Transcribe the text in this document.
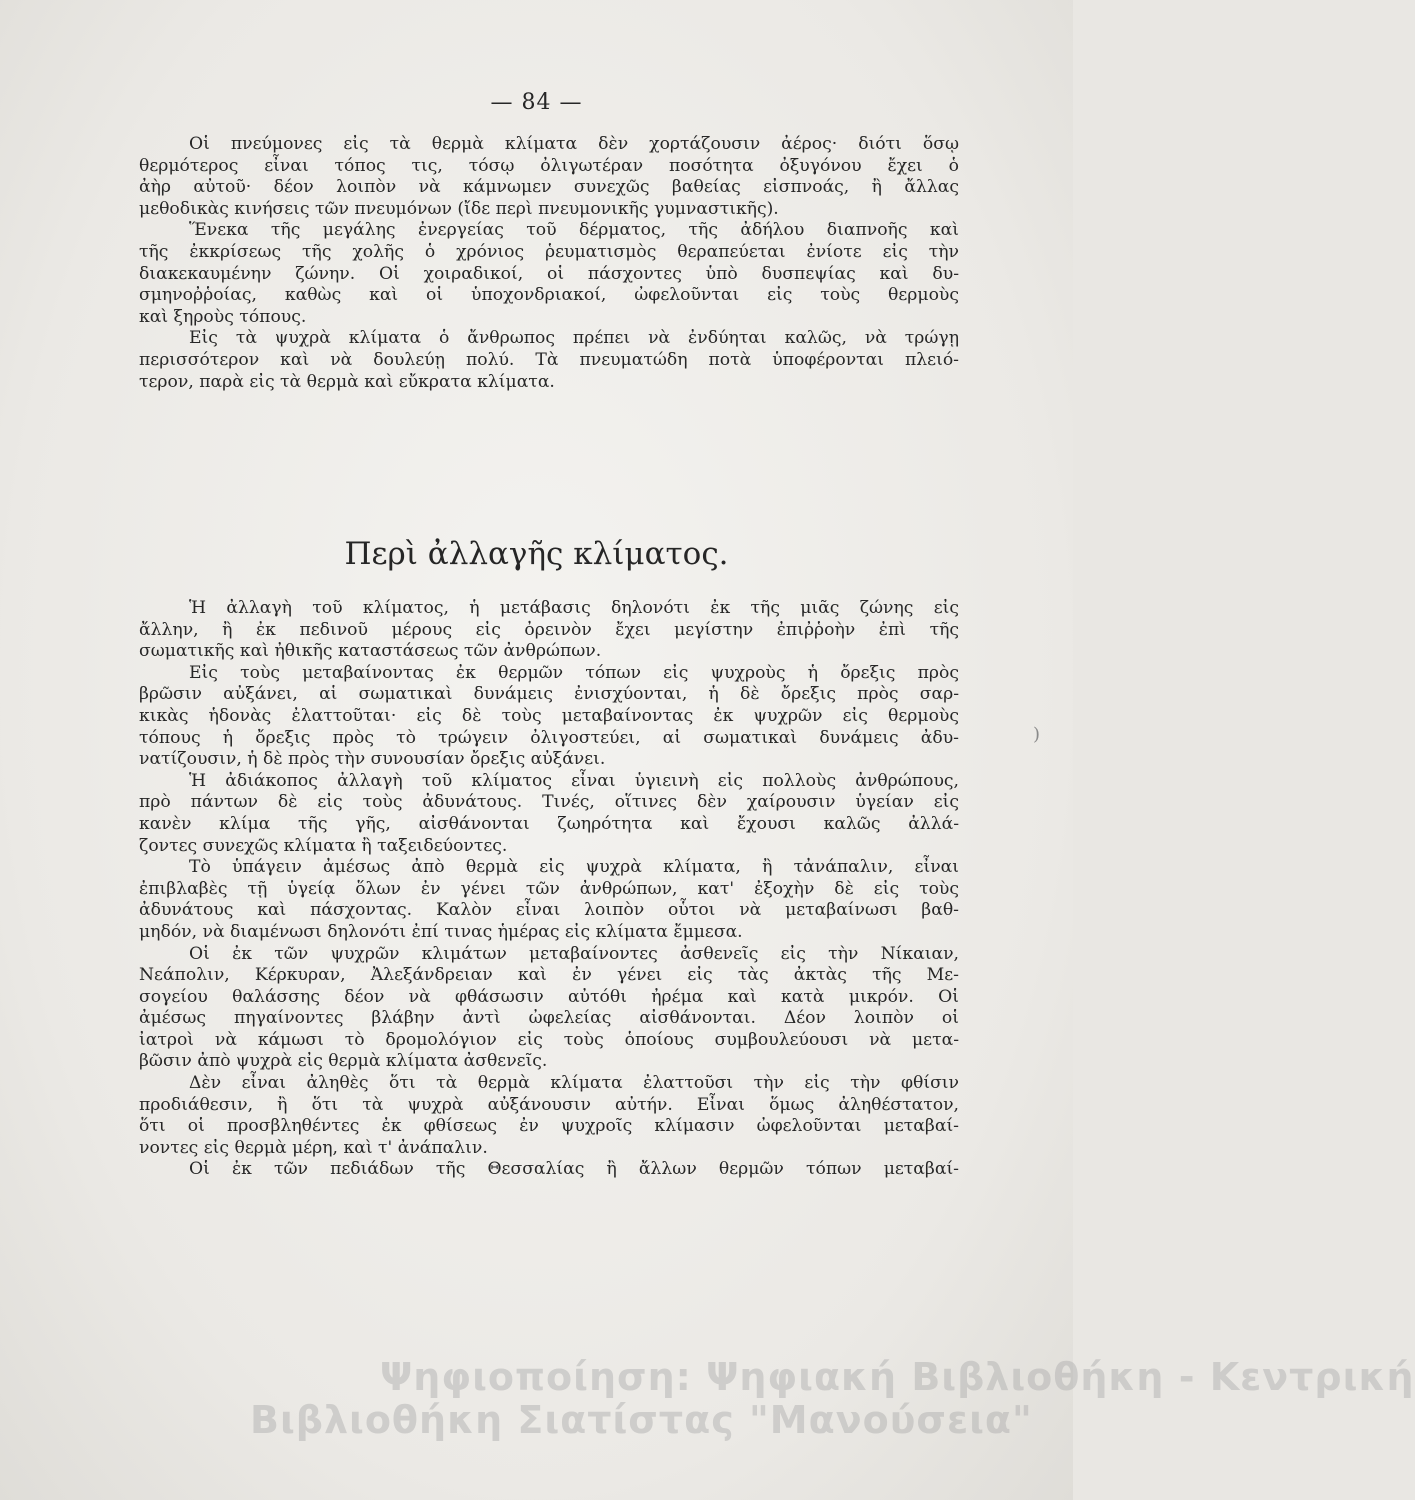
— 84 —
Οἱ πνεύμονες εἰς τὰ θερμὰ κλίματα δὲν χορτάζουσιν ἀέρος· διότι ὅσῳ
θερμότερος εἶναι τόπος τις, τόσῳ ὀλιγωτέραν ποσότητα ὀξυγόνου ἔχει ὁ
ἀὴρ αὐτοῦ· δέον λοιπὸν νὰ κάμνωμεν συνεχῶς βαθείας εἰσπνοάς, ἢ ἄλλας
μεθοδικὰς κινήσεις τῶν πνευμόνων (ἴδε περὶ πνευμονικῆς γυμναστικῆς).
Ἕνεκα τῆς μεγάλης ἐνεργείας τοῦ δέρματος, τῆς ἀδήλου διαπνοῆς καὶ
τῆς ἐκκρίσεως τῆς χολῆς ὁ χρόνιος ῥευματισμὸς θεραπεύεται ἐνίοτε εἰς τὴν
διακεκαυμένην ζώνην. Οἱ χοιραδικοί, οἱ πάσχοντες ὑπὸ δυσπεψίας καὶ δυ-
σμηνοῤῥοίας, καθὼς καὶ οἱ ὑποχονδριακοί, ὠφελοῦνται εἰς τοὺς θερμοὺς
καὶ ξηροὺς τόπους.
Εἰς τὰ ψυχρὰ κλίματα ὁ ἄνθρωπος πρέπει νὰ ἐνδύηται καλῶς, νὰ τρώγῃ
περισσότερον καὶ νὰ δουλεύῃ πολύ. Τὰ πνευματώδη ποτὰ ὑποφέρονται πλειό-
τερον, παρὰ εἰς τὰ θερμὰ καὶ εὔκρατα κλίματα.
Περὶ ἀλλαγῆς κλίματος.
Ἡ ἀλλαγὴ τοῦ κλίματος, ἡ μετάβασις δηλονότι ἐκ τῆς μιᾶς ζώνης εἰς
ἄλλην, ἢ ἐκ πεδινοῦ μέρους εἰς ὀρεινὸν ἔχει μεγίστην ἐπιῤῥοὴν ἐπὶ τῆς
σωματικῆς καὶ ἠθικῆς καταστάσεως τῶν ἀνθρώπων.
Εἰς τοὺς μεταβαίνοντας ἐκ θερμῶν τόπων εἰς ψυχροὺς ἡ ὄρεξις πρὸς
βρῶσιν αὐξάνει, αἱ σωματικαὶ δυνάμεις ἐνισχύονται, ἡ δὲ ὄρεξις πρὸς σαρ-
κικὰς ἡδονὰς ἐλαττοῦται· εἰς δὲ τοὺς μεταβαίνοντας ἐκ ψυχρῶν εἰς θερμοὺς
τόπους ἡ ὄρεξις πρὸς τὸ τρώγειν ὀλιγοστεύει, αἱ σωματικαὶ δυνάμεις ἀδυ-
νατίζουσιν, ἡ δὲ πρὸς τὴν συνουσίαν ὄρεξις αὐξάνει.
Ἡ ἀδιάκοπος ἀλλαγὴ τοῦ κλίματος εἶναι ὑγιεινὴ εἰς πολλοὺς ἀνθρώπους,
πρὸ πάντων δὲ εἰς τοὺς ἀδυνάτους. Τινές, οἵτινες δὲν χαίρουσιν ὑγείαν εἰς
κανὲν κλίμα τῆς γῆς, αἰσθάνονται ζωηρότητα καὶ ἔχουσι καλῶς ἀλλά-
ζοντες συνεχῶς κλίματα ἢ ταξειδεύοντες.
Τὸ ὑπάγειν ἀμέσως ἀπὸ θερμὰ εἰς ψυχρὰ κλίματα, ἢ τἀνάπαλιν, εἶναι
ἐπιβλαβὲς τῇ ὑγείᾳ ὅλων ἐν γένει τῶν ἀνθρώπων, κατ' ἐξοχὴν δὲ εἰς τοὺς
ἀδυνάτους καὶ πάσχοντας. Καλὸν εἶναι λοιπὸν οὗτοι νὰ μεταβαίνωσι βαθ-
μηδόν, νὰ διαμένωσι δηλονότι ἐπί τινας ἡμέρας εἰς κλίματα ἔμμεσα.
Οἱ ἐκ τῶν ψυχρῶν κλιμάτων μεταβαίνοντες ἀσθενεῖς εἰς τὴν Νίκαιαν,
Νεάπολιν, Κέρκυραν, Ἀλεξάνδρειαν καὶ ἐν γένει εἰς τὰς ἀκτὰς τῆς Με-
σογείου θαλάσσης δέον νὰ φθάσωσιν αὐτόθι ἠρέμα καὶ κατὰ μικρόν. Οἱ
ἀμέσως πηγαίνοντες βλάβην ἀντὶ ὠφελείας αἰσθάνονται. Δέον λοιπὸν οἱ
ἰατροὶ νὰ κάμωσι τὸ δρομολόγιον εἰς τοὺς ὁποίους συμβουλεύουσι νὰ μετα-
βῶσιν ἀπὸ ψυχρὰ εἰς θερμὰ κλίματα ἀσθενεῖς.
Δὲν εἶναι ἀληθὲς ὅτι τὰ θερμὰ κλίματα ἐλαττοῦσι τὴν εἰς τὴν φθίσιν
προδιάθεσιν, ἢ ὅτι τὰ ψυχρὰ αὐξάνουσιν αὐτήν. Εἶναι ὅμως ἀληθέστατον,
ὅτι οἱ προσβληθέντες ἐκ φθίσεως ἐν ψυχροῖς κλίμασιν ὠφελοῦνται μεταβαί-
νοντες εἰς θερμὰ μέρη, καὶ τ' ἀνάπαλιν.
Οἱ ἐκ τῶν πεδιάδων τῆς Θεσσαλίας ἢ ἄλλων θερμῶν τόπων μεταβαί-
Ψηφιοποίηση: Ψηφιακή Βιβλιοθήκη - Κεντρική
Βιβλιοθήκη Σιατίστας "Μανούσεια"
)
